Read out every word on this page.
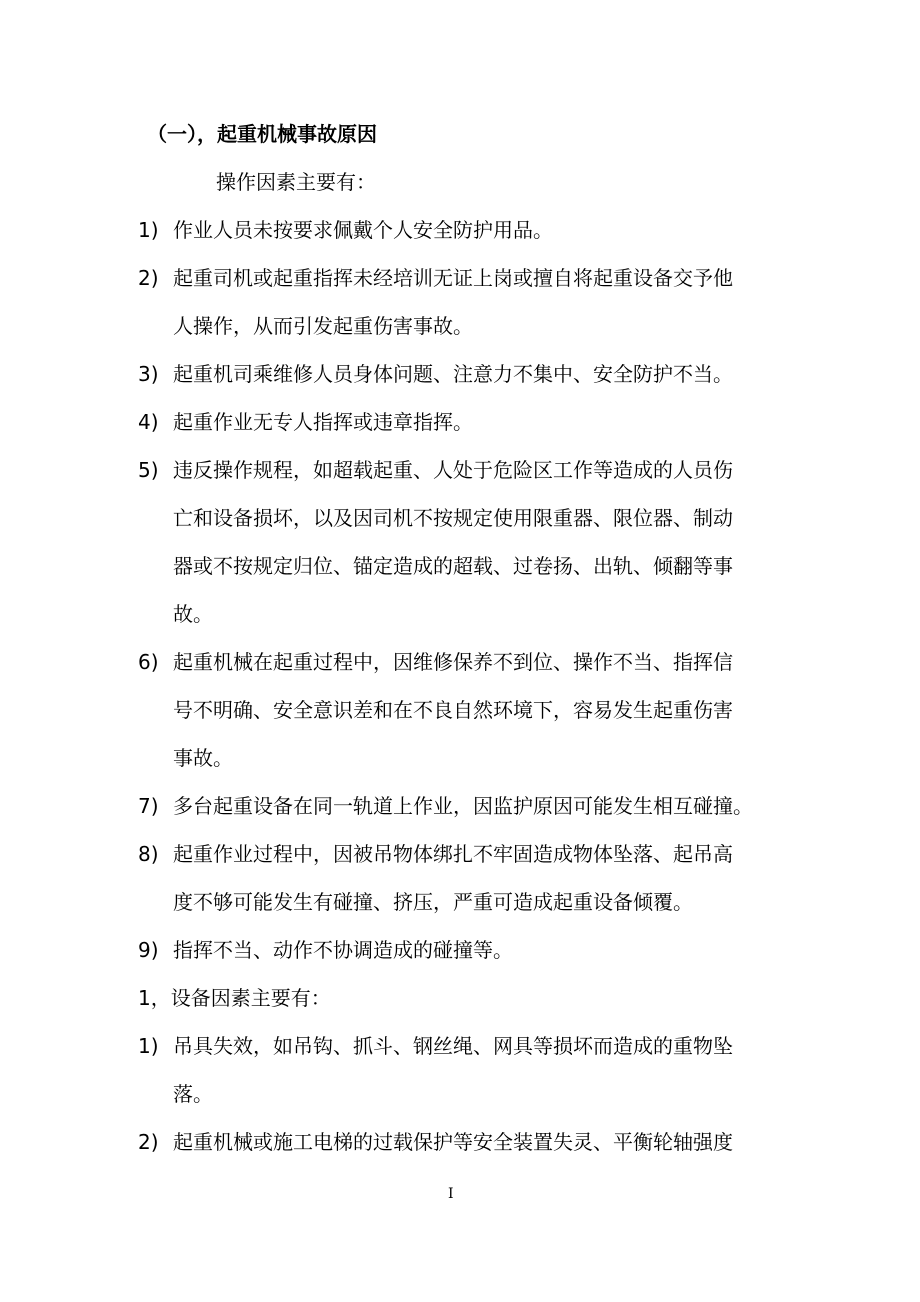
（一），起重机械事故原因
操作因素主要有：
1) 作业人员未按要求佩戴个人安全防护用品。
2) 起重司机或起重指挥未经培训无证上岗或擅自将起重设备交予他
人操作，从而引发起重伤害事故。
3) 起重机司乘维修人员身体问题、注意力不集中、安全防护不当。
4) 起重作业无专人指挥或违章指挥。
5) 违反操作规程，如超载起重、人处于危险区工作等造成的人员伤
亡和设备损坏，以及因司机不按规定使用限重器、限位器、制动
器或不按规定归位、锚定造成的超载、过卷扬、出轨、倾翻等事
故。
6) 起重机械在起重过程中，因维修保养不到位、操作不当、指挥信
号不明确、安全意识差和在不良自然环境下，容易发生起重伤害
事故。
7) 多台起重设备在同一轨道上作业，因监护原因可能发生相互碰撞。
8) 起重作业过程中，因被吊物体绑扎不牢固造成物体坠落、起吊高
度不够可能发生有碰撞、挤压，严重可造成起重设备倾覆。
9) 指挥不当、动作不协调造成的碰撞等。
1，设备因素主要有：
1) 吊具失效，如吊钩、抓斗、钢丝绳、网具等损坏而造成的重物坠
落。
2) 起重机械或施工电梯的过载保护等安全装置失灵、平衡轮轴强度
I
